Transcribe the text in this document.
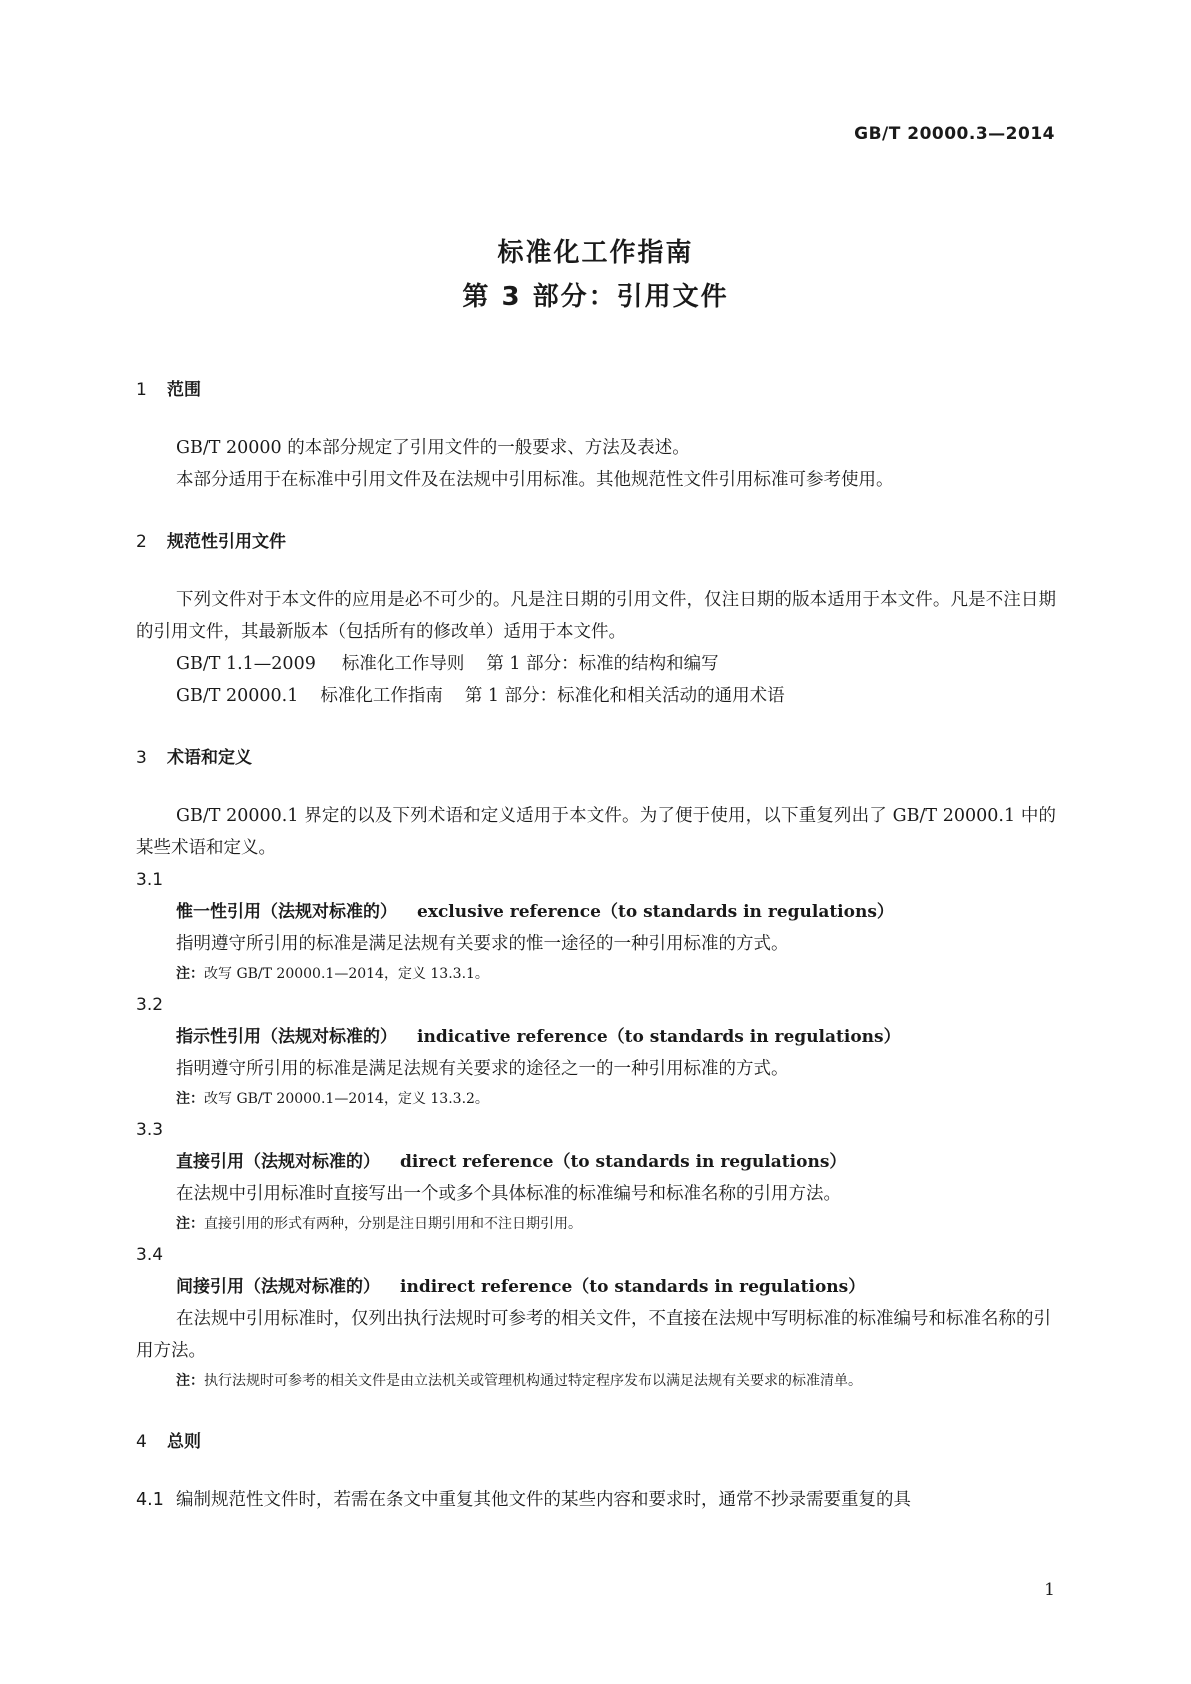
GB/T 20000.3—2014
标准化工作指南
第 3 部分：引用文件
1 范围

GB/T 20000 的本部分规定了引用文件的一般要求、方法及表述。

本部分适用于在标准中引用文件及在法规中引用标准。其他规范性文件引用标准可参考使用。

2 规范性引用文件

下列文件对于本文件的应用是必不可少的。凡是注日期的引用文件，仅注日期的版本适用于本文件。凡是不注日期的引用文件，其最新版本（包括所有的修改单）适用于本文件。

GB/T 1.1—2009 标准化工作导则 第 1 部分：标准的结构和编写

GB/T 20000.1 标准化工作指南 第 1 部分：标准化和相关活动的通用术语

3 术语和定义

GB/T 20000.1 界定的以及下列术语和定义适用于本文件。为了便于使用，以下重复列出了 GB/T 20000.1 中的某些术语和定义。

3.1

惟一性引用（法规对标准的） exclusive reference（to standards in regulations）

指明遵守所引用的标准是满足法规有关要求的惟一途径的一种引用标准的方式。

注：改写 GB/T 20000.1—2014，定义 13.3.1。

3.2

指示性引用（法规对标准的） indicative reference（to standards in regulations）

指明遵守所引用的标准是满足法规有关要求的途径之一的一种引用标准的方式。

注：改写 GB/T 20000.1—2014，定义 13.3.2。

3.3

直接引用（法规对标准的） direct reference（to standards in regulations）

在法规中引用标准时直接写出一个或多个具体标准的标准编号和标准名称的引用方法。

注：直接引用的形式有两种，分别是注日期引用和不注日期引用。

3.4

间接引用（法规对标准的） indirect reference（to standards in regulations）

在法规中引用标准时，仅列出执行法规时可参考的相关文件，不直接在法规中写明标准的标准编号和标准名称的引用方法。

注：执行法规时可参考的相关文件是由立法机关或管理机构通过特定程序发布以满足法规有关要求的标准清单。

4 总则

4.1 编制规范性文件时，若需在条文中重复其他文件的某些内容和要求时，通常不抄录需要重复的具

1
